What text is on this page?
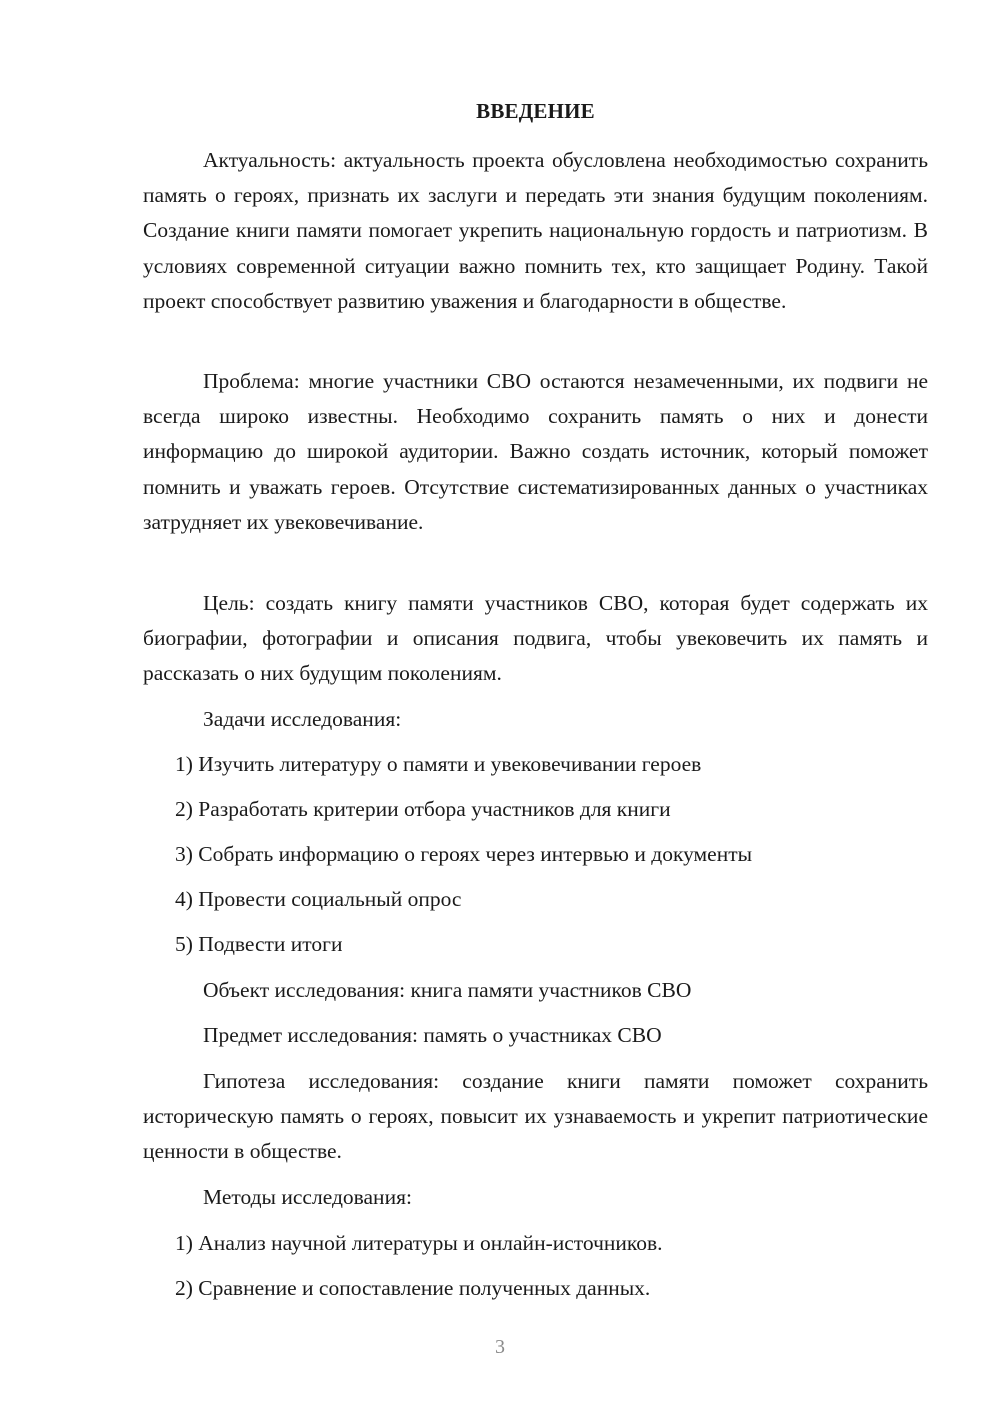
ВВЕДЕНИЕ

Актуальность: актуальность проекта обусловлена необходимостью сохранить память о героях, признать их заслуги и передать эти знания будущим поколениям. Создание книги памяти помогает укрепить национальную гордость и патриотизм. В условиях современной ситуации важно помнить тех, кто защищает Родину. Такой проект способствует развитию уважения и благодарности в обществе.

Проблема: многие участники СВО остаются незамеченными, их подвиги не всегда широко известны. Необходимо сохранить память о них и донести информацию до широкой аудитории. Важно создать источник, который поможет помнить и уважать героев. Отсутствие систематизированных данных о участниках затрудняет их увековечивание.

Цель: создать книгу памяти участников СВО, которая будет содержать их биографии, фотографии и описания подвига, чтобы увековечить их память и рассказать о них будущим поколениям.

Задачи исследования:

1) Изучить литературу о памяти и увековечивании героев

2) Разработать критерии отбора участников для книги

3) Собрать информацию о героях через интервью и документы

4) Провести социальный опрос

5) Подвести итоги

Объект исследования: книга памяти участников СВО

Предмет исследования: память о участниках СВО

Гипотеза исследования: создание книги памяти поможет сохранить историческую память о героях, повысит их узнаваемость и укрепит патриотические ценности в обществе.

Методы исследования:

1) Анализ научной литературы и онлайн-источников.

2) Сравнение и сопоставление полученных данных.

3
